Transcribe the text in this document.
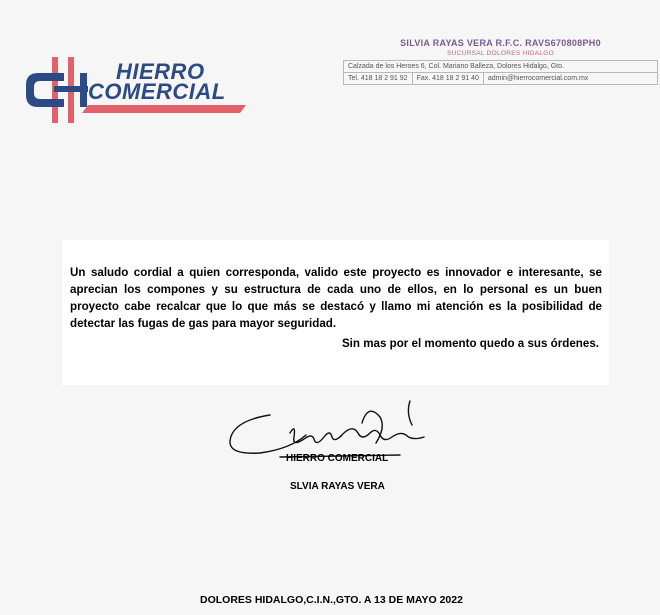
HIERRO
COMERCIAL
SILVIA RAYAS VERA R.F.C. RAVS670808PH0
SUCURSAL DOLORES HIDALGO
Calzada de los Heroes 6, Col. Mariano Balleza, Dolores Hidalgo, Gto.
Tel. 418 18 2 91 92	Fax. 418 18 2 91 40	admin@hierrocomercial.com.mx

Un saludo cordial a quien corresponda, valido este proyecto es innovador e interesante, se aprecian los compones y su estructura de cada uno de ellos, en lo personal es un buen proyecto cabe recalcar que lo que más se destacó y llamo mi atención es la posibilidad de detectar las fugas de gas para mayor seguridad.

Sin mas por el momento quedo a sus órdenes.
HIERRO COMERCIAL
SLVIA RAYAS VERA
DOLORES HIDALGO,C.I.N.,GTO. A 13 DE MAYO 2022
